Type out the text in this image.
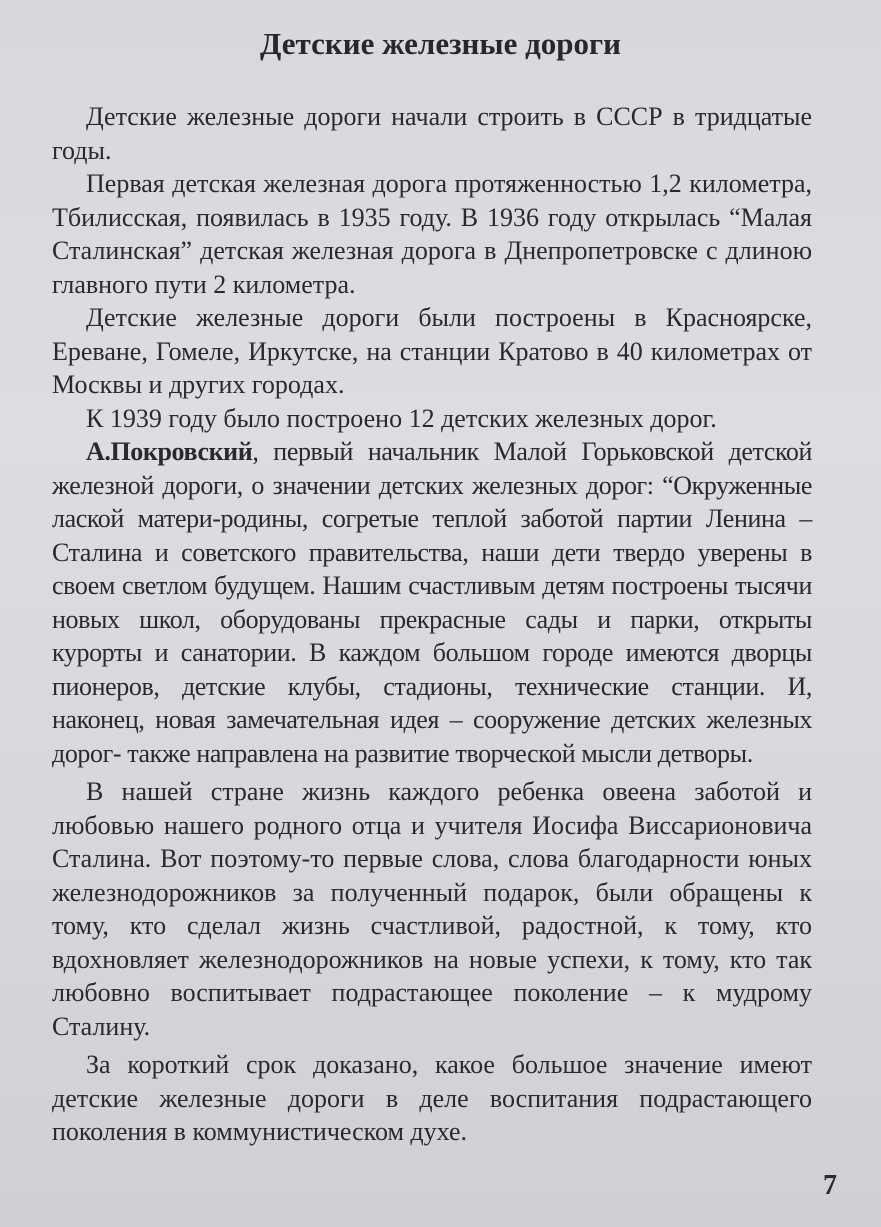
Детские железные дороги

Детские железные дороги начали строить в СССР в тридцатые годы.

Первая детская железная дорога протяженностью 1,2 километра, Тбилисская, появилась в 1935 году. В 1936 году открылась “Малая Сталинская” детская железная дорога в Днепропетровске с длиною главного пути 2 километра.

Детские железные дороги были построены в Красноярске, Ереване, Гомеле, Иркутске, на станции Кратово в 40 километрах от Москвы и других городах.

К 1939 году было построено 12 детских железных дорог.

А.Покровский, первый начальник Малой Горьковской детской железной дороги, о значении детских железных дорог: “Окруженные лаской матери-родины, согретые теплой заботой партии Ленина – Сталина и советского правительства, наши дети твердо уверены в своем светлом будущем. Нашим счастливым детям построены тысячи новых школ, оборудованы прекрасные сады и парки, открыты курорты и санатории. В каждом большом городе имеются дворцы пионеров, детские клубы, стадионы, технические станции. И, наконец, новая замечательная идея – сооружение детских железных дорог- также направлена на развитие творческой мысли детворы.

В нашей стране жизнь каждого ребенка овеена заботой и любовью нашего родного отца и учителя Иосифа Виссарионовича Сталина. Вот поэтому-то первые слова, слова благодарности юных железнодорожников за полученный подарок, были обращены к тому, кто сделал жизнь счастливой, радостной, к тому, кто вдохновляет железнодорожников на новые успехи, к тому, кто так любовно воспитывает подрастающее поколение – к мудрому Сталину.

За короткий срок доказано, какое большое значение имеют детские железные дороги в деле воспитания подрастающего поколения в коммунистическом духе.

7
